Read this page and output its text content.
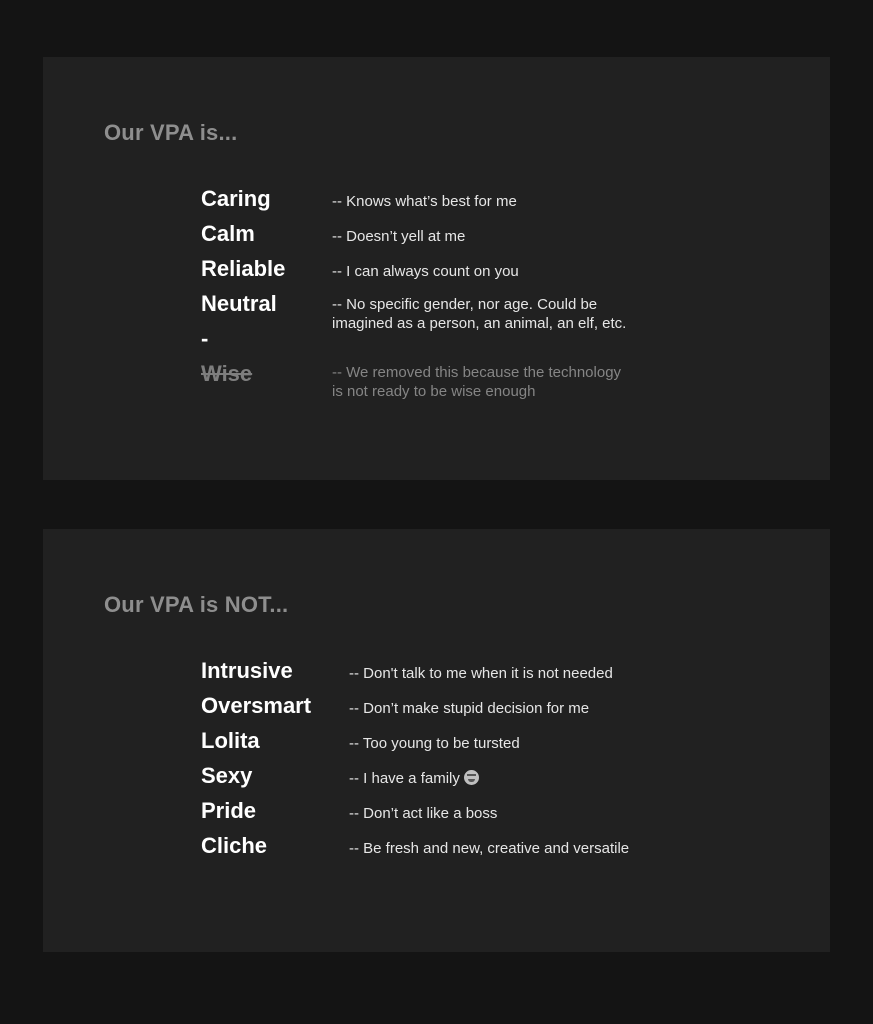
Our VPA is...
Caring	-- Knows what’s best for me
Calm	-- Doesn’t yell at me
Reliable	-- I can always count on you
Neutral	-- No specific gender, nor age. Could be
imagined as a person, an animal, an elf, etc.
-
Wise	-- We removed this because the technology
is not ready to be wise enough
Our VPA is NOT...
Intrusive	-- Don't talk to me when it is not needed
Oversmart	-- Don’t make stupid decision for me
Lolita	-- Too young to be tursted
Sexy	-- I have a family
Pride	-- Don’t act like a boss
Cliche	-- Be fresh and new, creative and versatile
